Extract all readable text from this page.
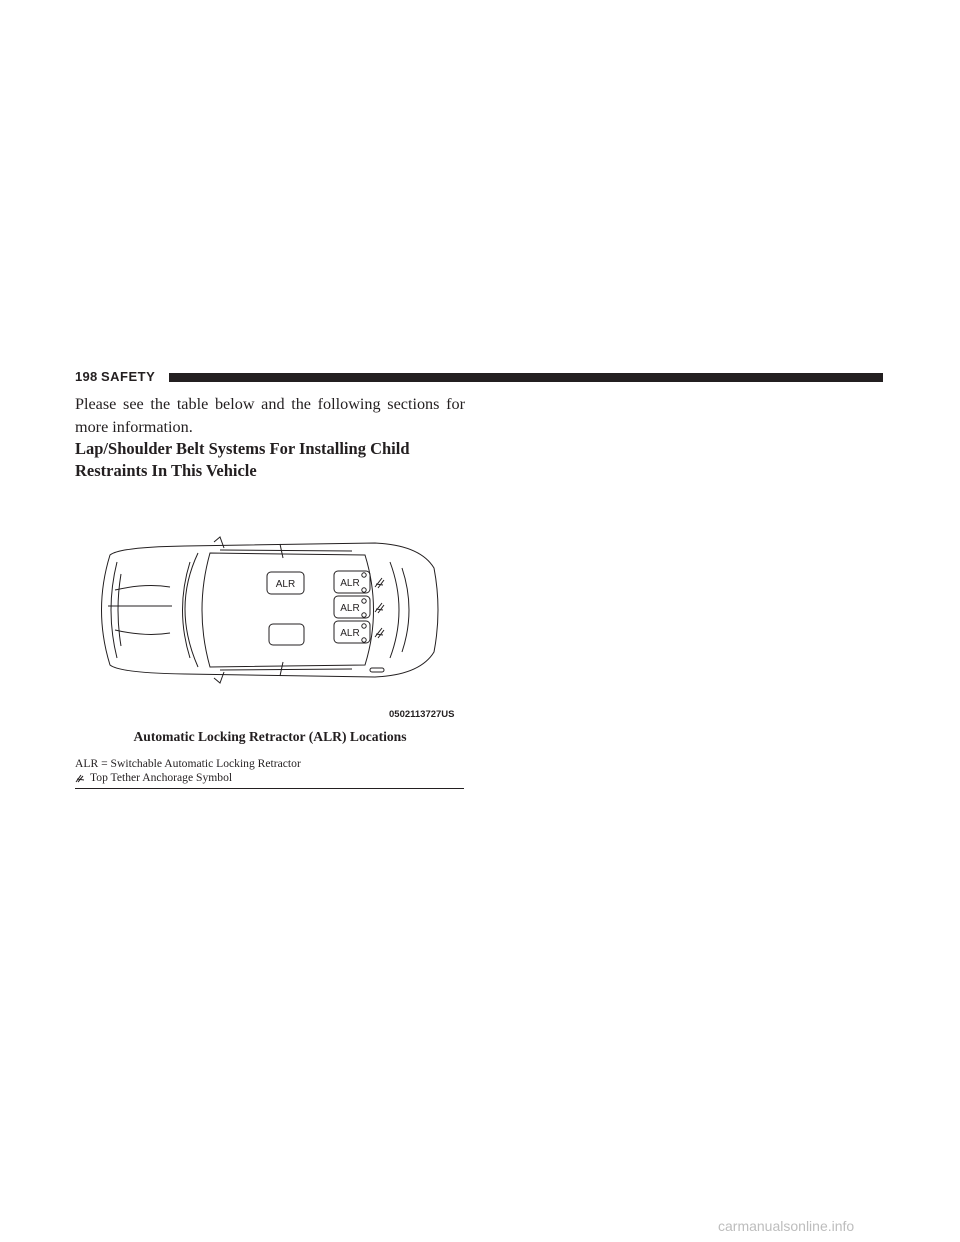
198 SAFETY
Please see the table below and the following sections for more information.
Lap/Shoulder Belt Systems For Installing Child
Restraints In This Vehicle
ALR	ALR
ALR
ALR
0502113727US
Automatic Locking Retractor (ALR) Locations
ALR = Switchable Automatic Locking Retractor
Top Tether Anchorage Symbol
carmanualsonline.info
